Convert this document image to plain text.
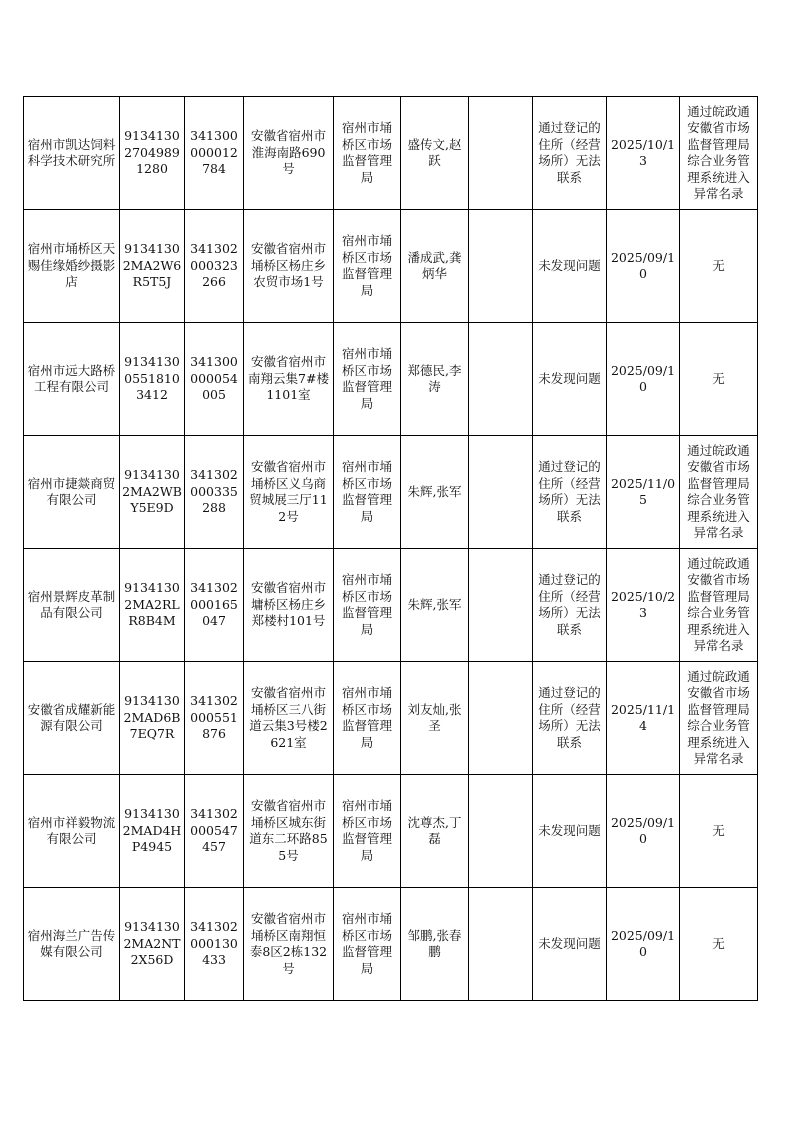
宿州市凯达饲料科学技术研究所	913413027049891280	341300000012784	安徽省宿州市淮海南路690号	宿州市埇桥区市场监督管理局	盛传文,赵跃		通过登记的住所（经营场所）无法联系	2025/10/13	通过皖政通安徽省市场监督管理局综合业务管理系统进入异常名录
宿州市埇桥区天赐佳缘婚纱摄影店	91341302MA2W6R5T5J	341302000323266	安徽省宿州市埇桥区杨庄乡农贸市场1号	宿州市埇桥区市场监督管理局	潘成武,龚炳华		未发现问题	2025/09/10	无
宿州市远大路桥工程有限公司	913413005518103412	341300000054005	安徽省宿州市南翔云集7#楼1101室	宿州市埇桥区市场监督管理局	郑德民,李涛		未发现问题	2025/09/10	无
宿州市捷燚商贸有限公司	91341302MA2WBY5E9D	341302000335288	安徽省宿州市埇桥区义乌商贸城展三厅112号	宿州市埇桥区市场监督管理局	朱辉,张军		通过登记的住所（经营场所）无法联系	2025/11/05	通过皖政通安徽省市场监督管理局综合业务管理系统进入异常名录
宿州景辉皮革制品有限公司	91341302MA2RLR8B4M	341302000165047	安徽省宿州市墉桥区杨庄乡郑楼村101号	宿州市埇桥区市场监督管理局	朱辉,张军		通过登记的住所（经营场所）无法联系	2025/10/23	通过皖政通安徽省市场监督管理局综合业务管理系统进入异常名录
安徽省成耀新能源有限公司	91341302MAD6B7EQ7R	341302000551876	安徽省宿州市埇桥区三八街道云集3号楼2621室	宿州市埇桥区市场监督管理局	刘友灿,张圣		通过登记的住所（经营场所）无法联系	2025/11/14	通过皖政通安徽省市场监督管理局综合业务管理系统进入异常名录
宿州市祥毅物流有限公司	91341302MAD4HP4945	341302000547457	安徽省宿州市埇桥区城东街道东二环路855号	宿州市埇桥区市场监督管理局	沈尊杰,丁磊		未发现问题	2025/09/10	无
宿州海兰广告传媒有限公司	91341302MA2NT2X56D	341302000130433	安徽省宿州市埇桥区南翔恒泰8区2栋132号	宿州市埇桥区市场监督管理局	邹鹏,张春鹏		未发现问题	2025/09/10	无
